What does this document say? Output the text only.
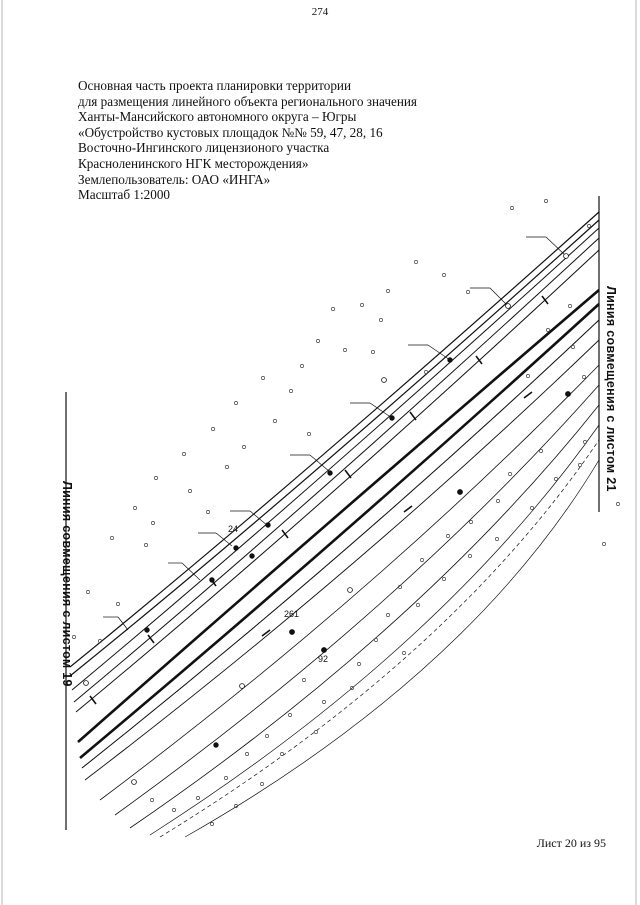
274
Основная часть проекта планировки территории
для размещения линейного объекта регионального значения
Ханты-Мансийского автономного округа – Югры
«Обустройство кустовых площадок №№ 59, 47, 28, 16
Восточно-Ингинского лицензионого участка
Красноленинского НГК месторождения»
Землепользователь: ОАО «ИНГА»
Масштаб 1:2000
24
261
92
Линия совмещения с листом 19
Линия совмещения с листом 21
Лист 20 из 95
